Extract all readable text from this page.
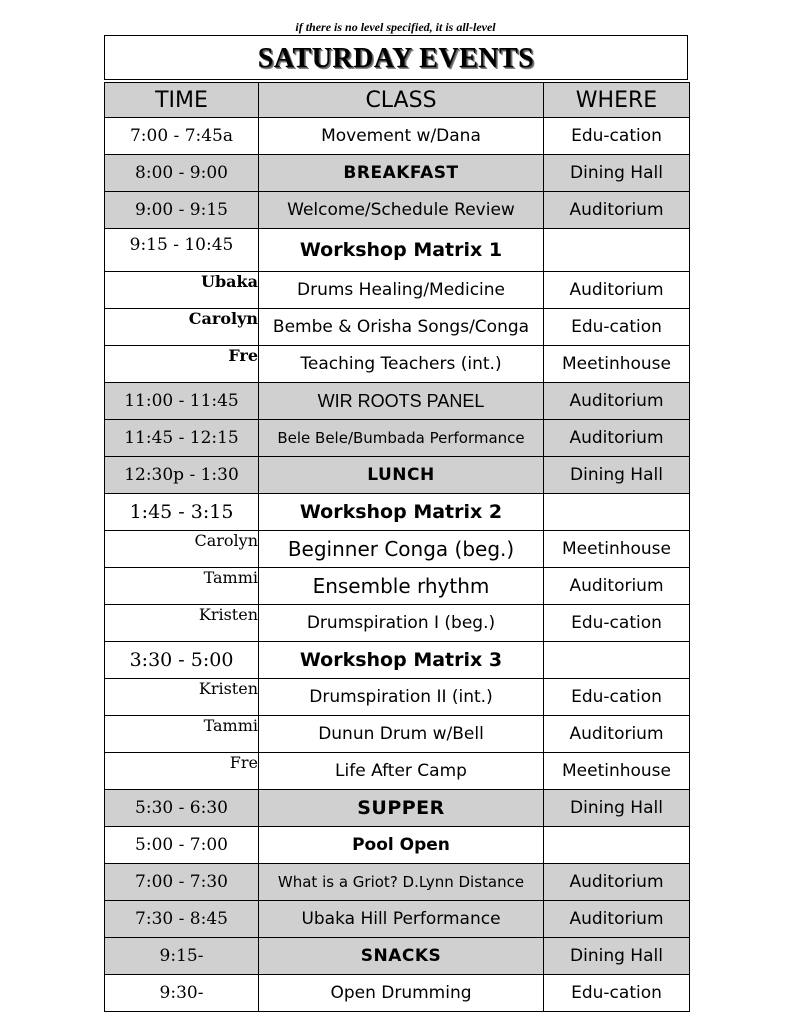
if there is no level specified, it is all-level
SATURDAY EVENTS
TIME	CLASS	WHERE
7:00 - 7:45a	Movement w/Dana	Edu-cation
8:00 - 9:00	BREAKFAST	Dining Hall
9:00 - 9:15	Welcome/Schedule Review	Auditorium
9:15 - 10:45	Workshop Matrix 1	
Ubaka	Drums Healing/Medicine	Auditorium
Carolyn	Bembe & Orisha Songs/Conga	Edu-cation
Fre	Teaching Teachers (int.)	Meetinhouse
11:00 - 11:45	WIR ROOTS PANEL	Auditorium
11:45 - 12:15	Bele Bele/Bumbada Performance	Auditorium
12:30p - 1:30	LUNCH	Dining Hall
1:45 - 3:15	Workshop Matrix 2	
Carolyn	Beginner Conga (beg.)	Meetinhouse
Tammi	Ensemble rhythm	Auditorium
Kristen	Drumspiration I (beg.)	Edu-cation
3:30 - 5:00	Workshop Matrix 3	
Kristen	Drumspiration II (int.)	Edu-cation
Tammi	Dunun Drum w/Bell	Auditorium
Fre	Life After Camp	Meetinhouse
5:30 - 6:30	SUPPER	Dining Hall
5:00 - 7:00	Pool Open	
7:00 - 7:30	What is a Griot? D.Lynn Distance	Auditorium
7:30 - 8:45	Ubaka Hill Performance	Auditorium
9:15-	SNACKS	Dining Hall
9:30-	Open Drumming	Edu-cation
